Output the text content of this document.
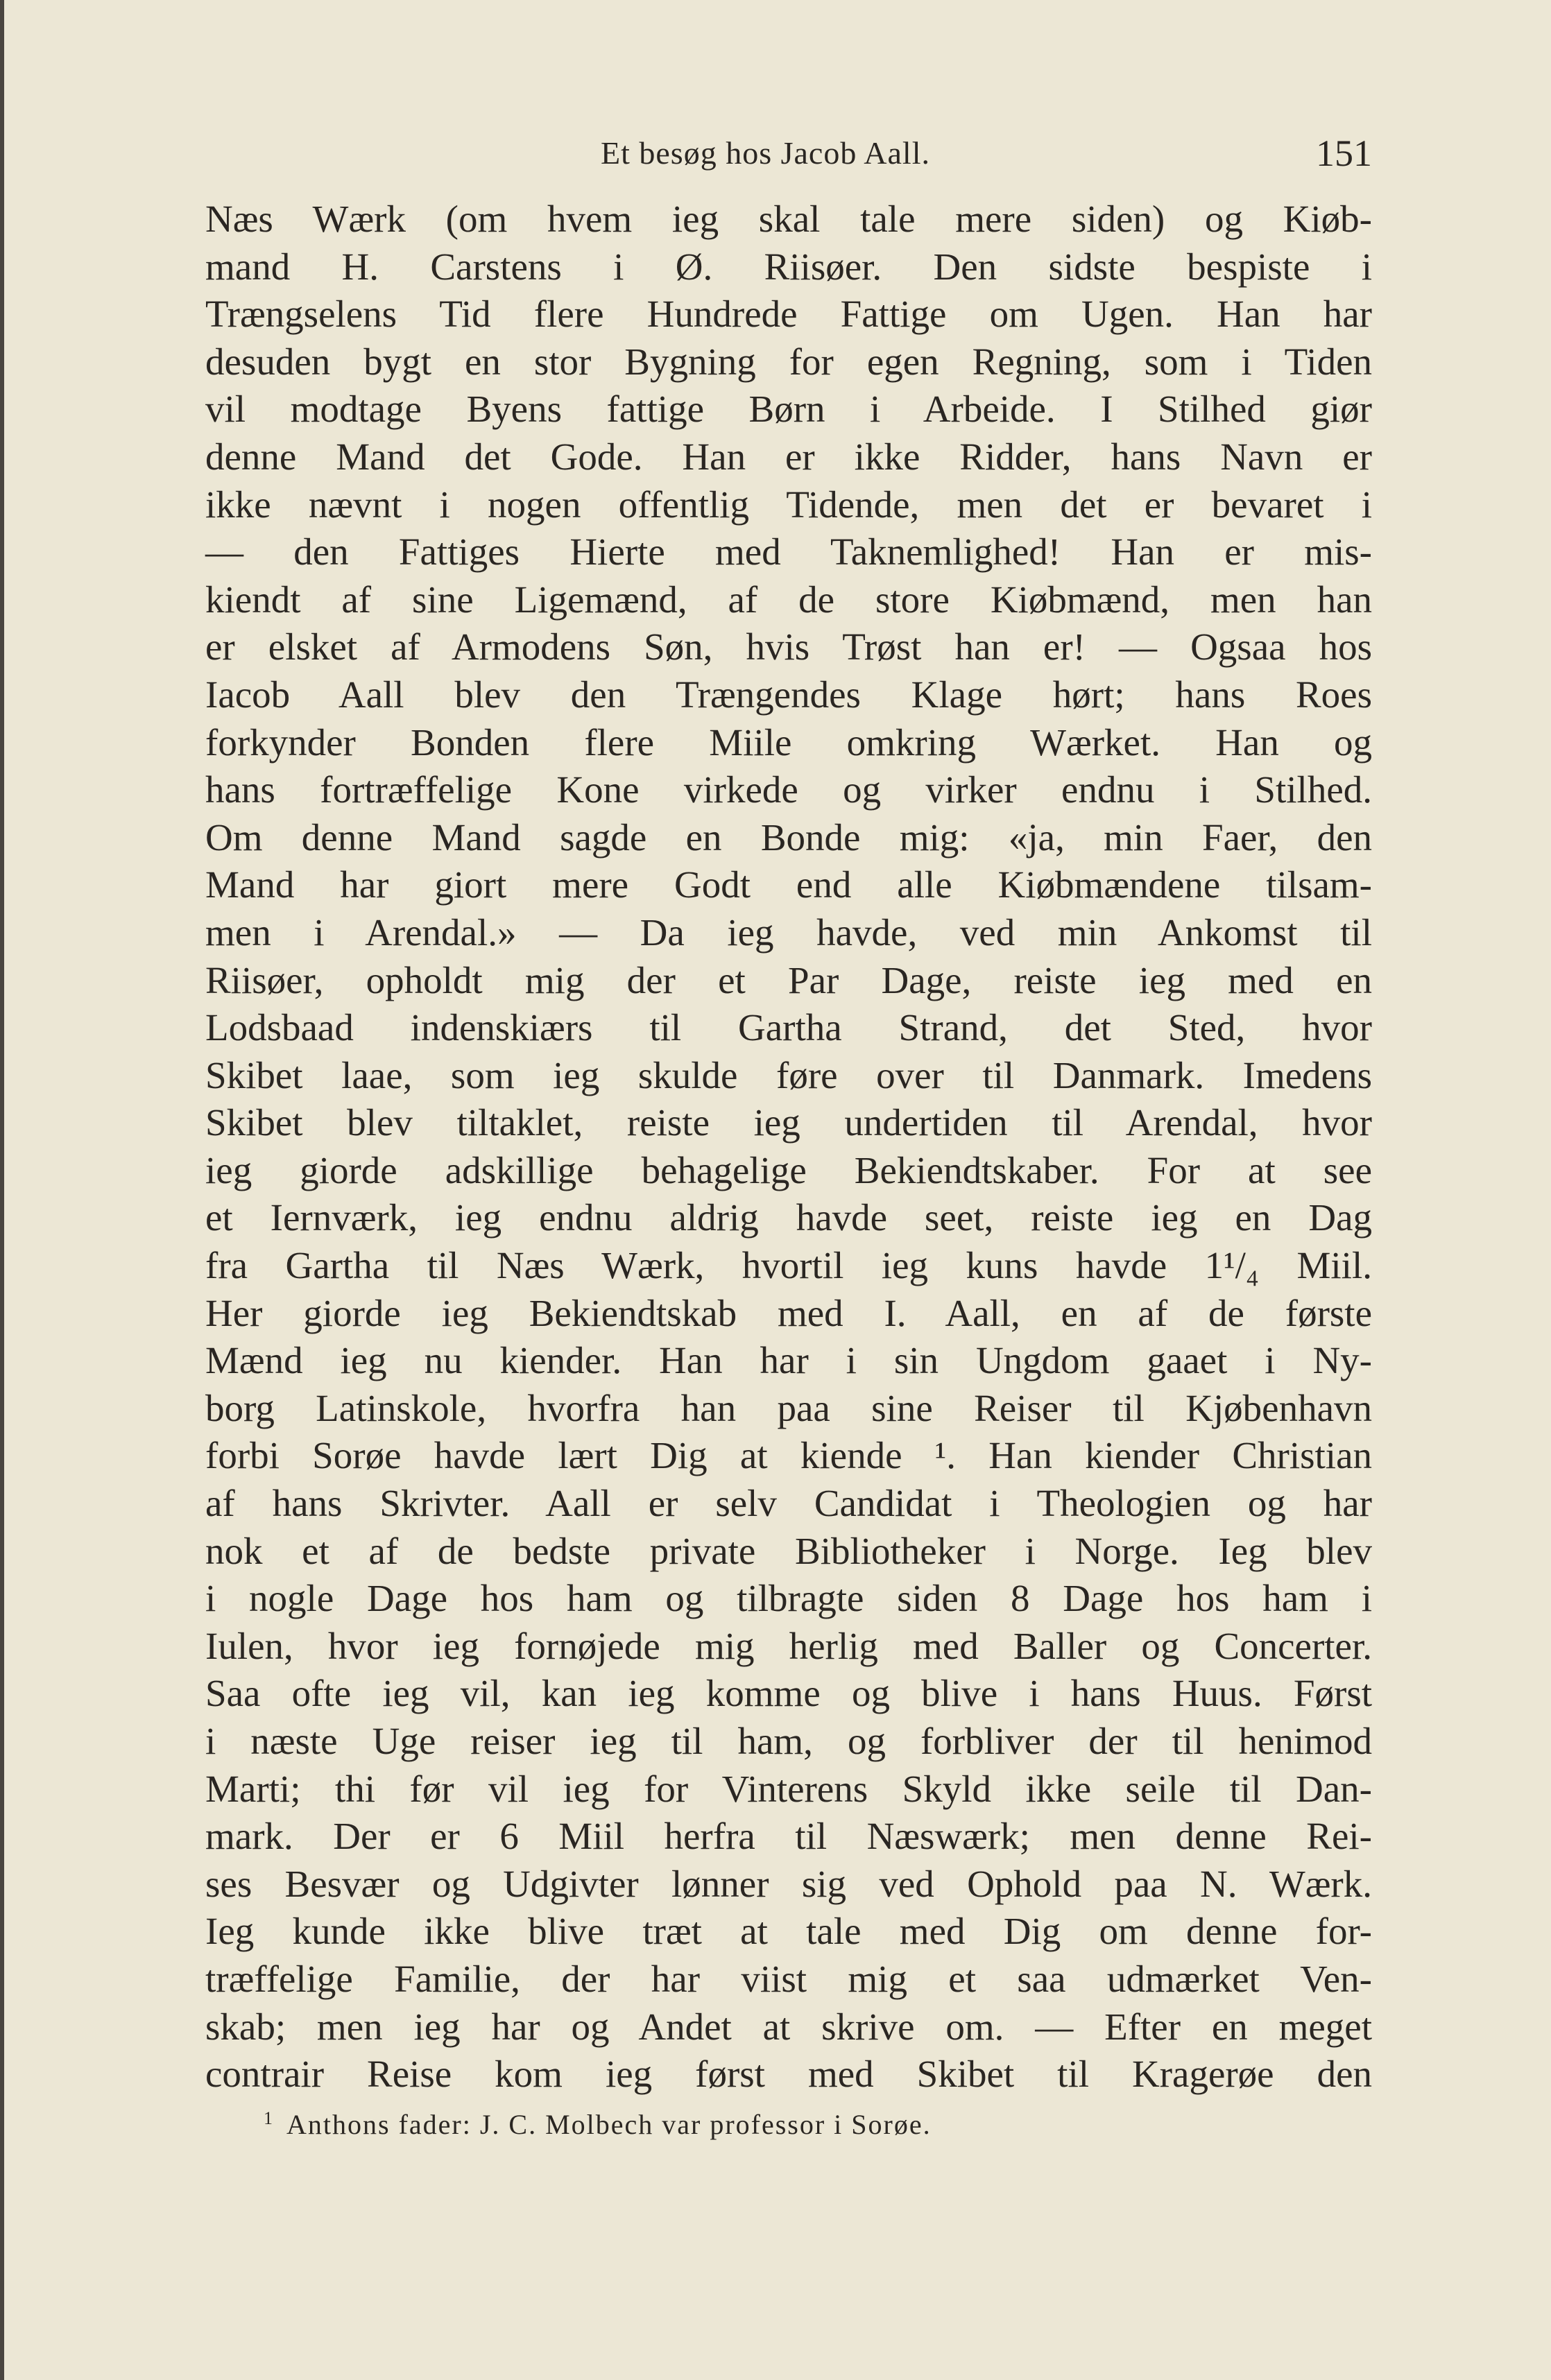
Et besøg hos Jacob Aall.	151
Næs Wærk (om hvem ieg skal tale mere siden) og Kiøb-
mand H. Carstens i Ø. Riisøer. Den sidste bespiste i
Trængselens Tid flere Hundrede Fattige om Ugen. Han har
desuden bygt en stor Bygning for egen Regning, som i Tiden
vil modtage Byens fattige Børn i Arbeide. I Stilhed giør
denne Mand det Gode. Han er ikke Ridder, hans Navn er
ikke nævnt i nogen offentlig Tidende, men det er bevaret i
— den Fattiges Hierte med Taknemlighed! Han er mis-
kiendt af sine Ligemænd, af de store Kiøbmænd, men han
er elsket af Armodens Søn, hvis Trøst han er! — Ogsaa hos
Iacob Aall blev den Trængendes Klage hørt; hans Roes
forkynder Bonden flere Miile omkring Wærket. Han og
hans fortræffelige Kone virkede og virker endnu i Stilhed.
Om denne Mand sagde en Bonde mig: «ja, min Faer, den
Mand har giort mere Godt end alle Kiøbmændene tilsam-
men i Arendal.» — Da ieg havde, ved min Ankomst til
Riisøer, opholdt mig der et Par Dage, reiste ieg med en
Lodsbaad indenskiærs til Gartha Strand, det Sted, hvor
Skibet laae, som ieg skulde føre over til Danmark. Imedens
Skibet blev tiltaklet, reiste ieg undertiden til Arendal, hvor
ieg giorde adskillige behagelige Bekiendtskaber. For at see
et Iernværk, ieg endnu aldrig havde seet, reiste ieg en Dag
fra Gartha til Næs Wærk, hvortil ieg kuns havde 1¹/₄ Miil.
Her giorde ieg Bekiendtskab med I. Aall, en af de første
Mænd ieg nu kiender. Han har i sin Ungdom gaaet i Ny-
borg Latinskole, hvorfra han paa sine Reiser til Kjøbenhavn
forbi Sorøe havde lært Dig at kiende ¹. Han kiender Christian
af hans Skrivter. Aall er selv Candidat i Theologien og har
nok et af de bedste private Bibliotheker i Norge. Ieg blev
i nogle Dage hos ham og tilbragte siden 8 Dage hos ham i
Iulen, hvor ieg fornøjede mig herlig med Baller og Concerter.
Saa ofte ieg vil, kan ieg komme og blive i hans Huus. Først
i næste Uge reiser ieg til ham, og forbliver der til henimod
Marti; thi før vil ieg for Vinterens Skyld ikke seile til Dan-
mark. Der er 6 Miil herfra til Næswærk; men denne Rei-
ses Besvær og Udgivter lønner sig ved Ophold paa N. Wærk.
Ieg kunde ikke blive træt at tale med Dig om denne for-
træffelige Familie, der har viist mig et saa udmærket Ven-
skab; men ieg har og Andet at skrive om. — Efter en meget
contrair Reise kom ieg først med Skibet til Kragerøe den
$^1$ Anthons fader: J. C. Molbech var professor i Sorøe.
